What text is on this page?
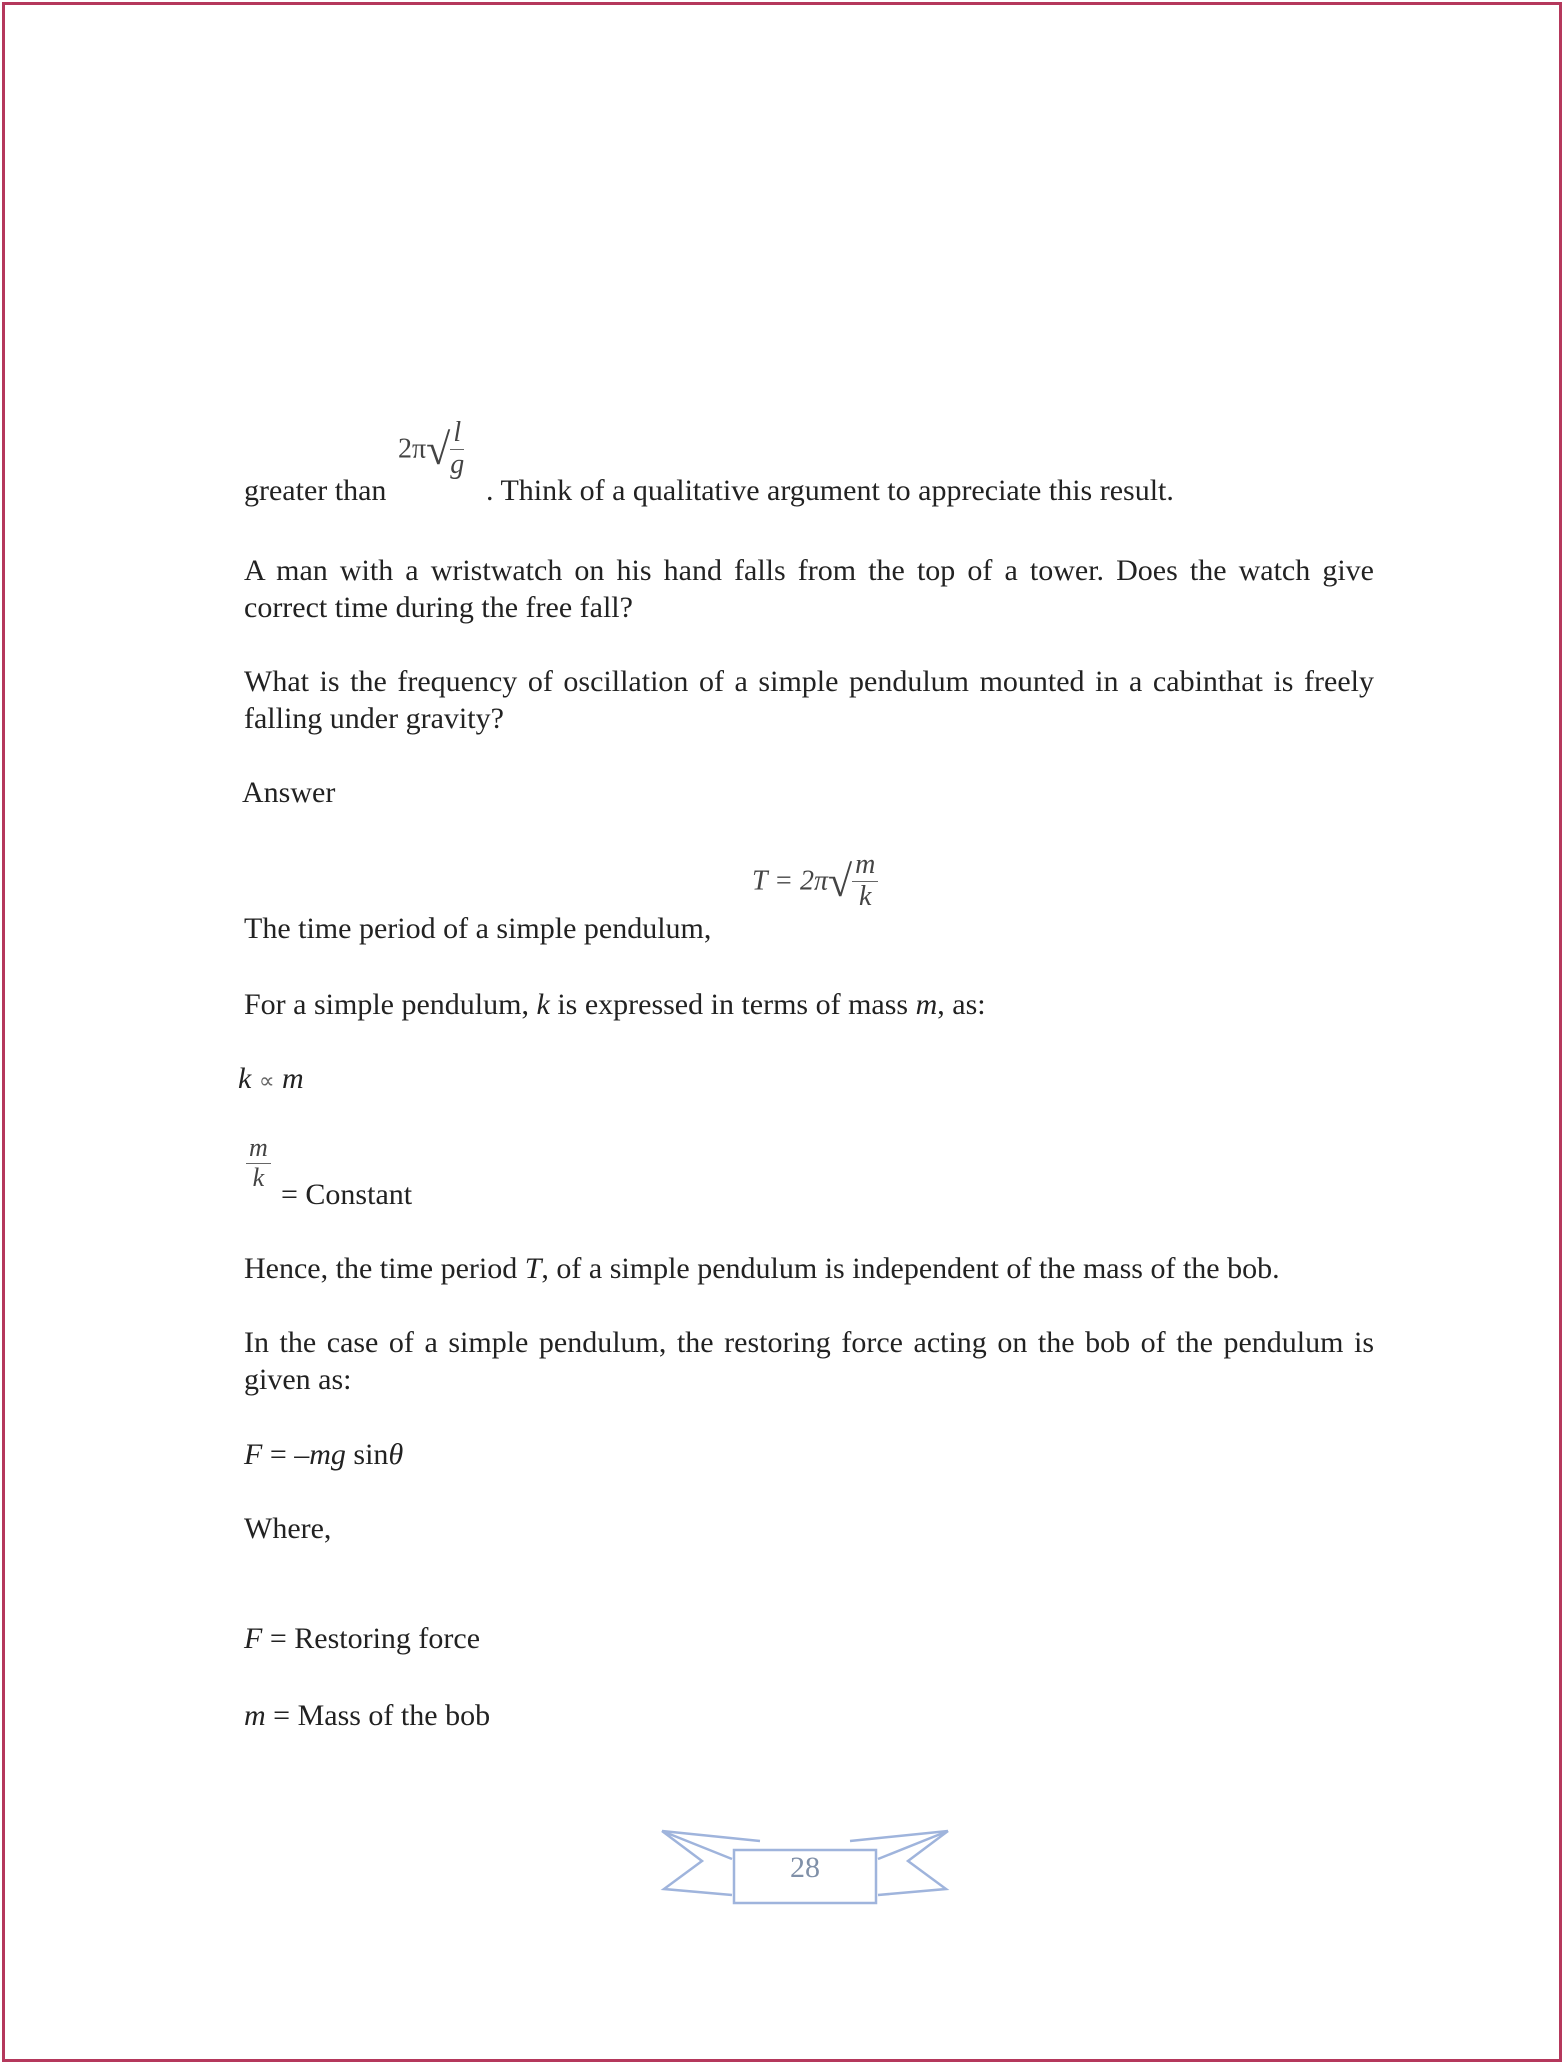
greater than

$2\pi√ \frac{l}{g}$

. Think of a qualitative argument to appreciate this result.

A man with a wristwatch on his hand falls from the top of a tower. Does the watch give correct time during the free fall?

What is the frequency of oscillation of a simple pendulum mounted in a cabinthat is freely falling under gravity?

Answer

The time period of a simple pendulum,

$T = 2\pi√ \frac{m}{k}$

For a simple pendulum, k is expressed in terms of mass m, as:

k ∝ m

$\frac{m}{k}$

= Constant

Hence, the time period T, of a simple pendulum is independent of the mass of the bob.

In the case of a simple pendulum, the restoring force acting on the bob of the pendulum is given as:

F = –mg sinθ

Where,

F = Restoring force

m = Mass of the bob

28
